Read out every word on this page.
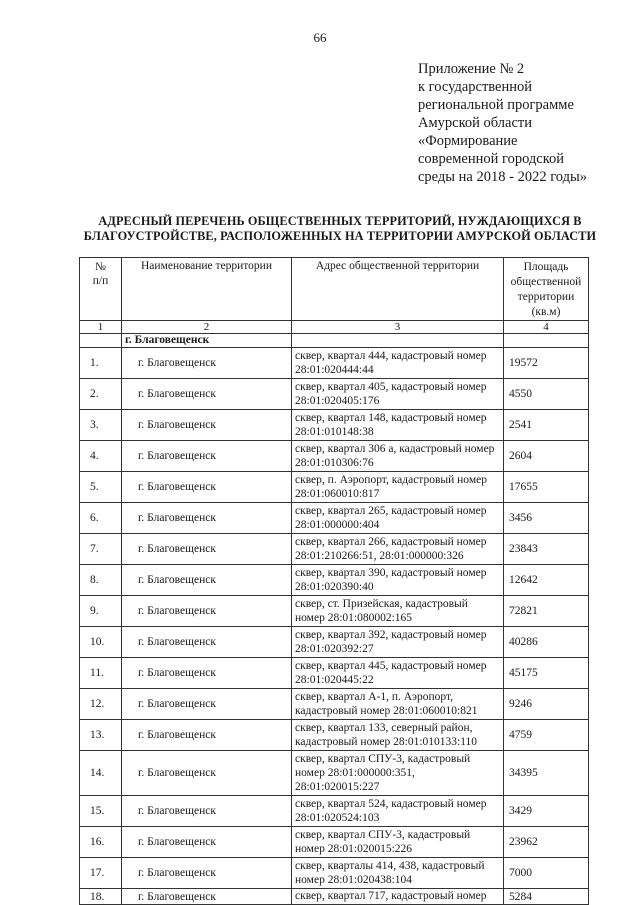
66
Приложение № 2
к государственной
региональной программе
Амурской области
«Формирование
современной городской
среды на 2018 - 2022 годы»
АДРЕСНЫЙ ПЕРЕЧЕНЬ ОБЩЕСТВЕННЫХ ТЕРРИТОРИЙ, НУЖДАЮЩИХСЯ В
БЛАГОУСТРОЙСТВЕ, РАСПОЛОЖЕННЫХ НА ТЕРРИТОРИИ АМУРСКОЙ ОБЛАСТИ
№
п/п	Наименование территории	Адрес общественной территории	Площадь общественной территории (кв.м)
1	2	3	4
	г. Благовещенск		
1.	г. Благовещенск	сквер, квартал 444, кадастровый номер 28:01:020444:44	19572
2.	г. Благовещенск	сквер, квартал 405, кадастровый номер 28:01:020405:176	4550
3.	г. Благовещенск	сквер, квартал 148, кадастровый номер 28:01:010148:38	2541
4.	г. Благовещенск	сквер, квартал 306 а, кадастровый номер 28:01:010306:76	2604
5.	г. Благовещенск	сквер, п. Аэропорт, кадастровый номер 28:01:060010:817	17655
6.	г. Благовещенск	сквер, квартал 265, кадастровый номер 28:01:000000:404	3456
7.	г. Благовещенск	сквер, квартал 266, кадастровый номер 28:01:210266:51, 28:01:000000:326	23843
8.	г. Благовещенск	сквер, квартал 390, кадастровый номер 28:01:020390:40	12642
9.	г. Благовещенск	сквер, ст. Призейская, кадастровый номер 28:01:080002:165	72821
10.	г. Благовещенск	сквер, квартал 392, кадастровый номер 28:01:020392:27	40286
11.	г. Благовещенск	сквер, квартал 445, кадастровый номер 28:01:020445:22	45175
12.	г. Благовещенск	сквер, квартал А-1, п. Аэропорт, кадастровый номер 28:01:060010:821	9246
13.	г. Благовещенск	сквер, квартал 133, северный район, кадастровый номер 28:01:010133:110	4759
14.	г. Благовещенск	сквер, квартал СПУ-3, кадастровый номер 28:01:000000:351, 28:01:020015:227	34395
15.	г. Благовещенск	сквер, квартал 524, кадастровый номер 28:01:020524:103	3429
16.	г. Благовещенск	сквер, квартал СПУ-3, кадастровый номер 28:01:020015:226	23962
17.	г. Благовещенск	сквер, кварталы 414, 438, кадастровый номер 28:01:020438:104	7000
18.	г. Благовещенск	сквер, квартал 717, кадастровый номер	5284
